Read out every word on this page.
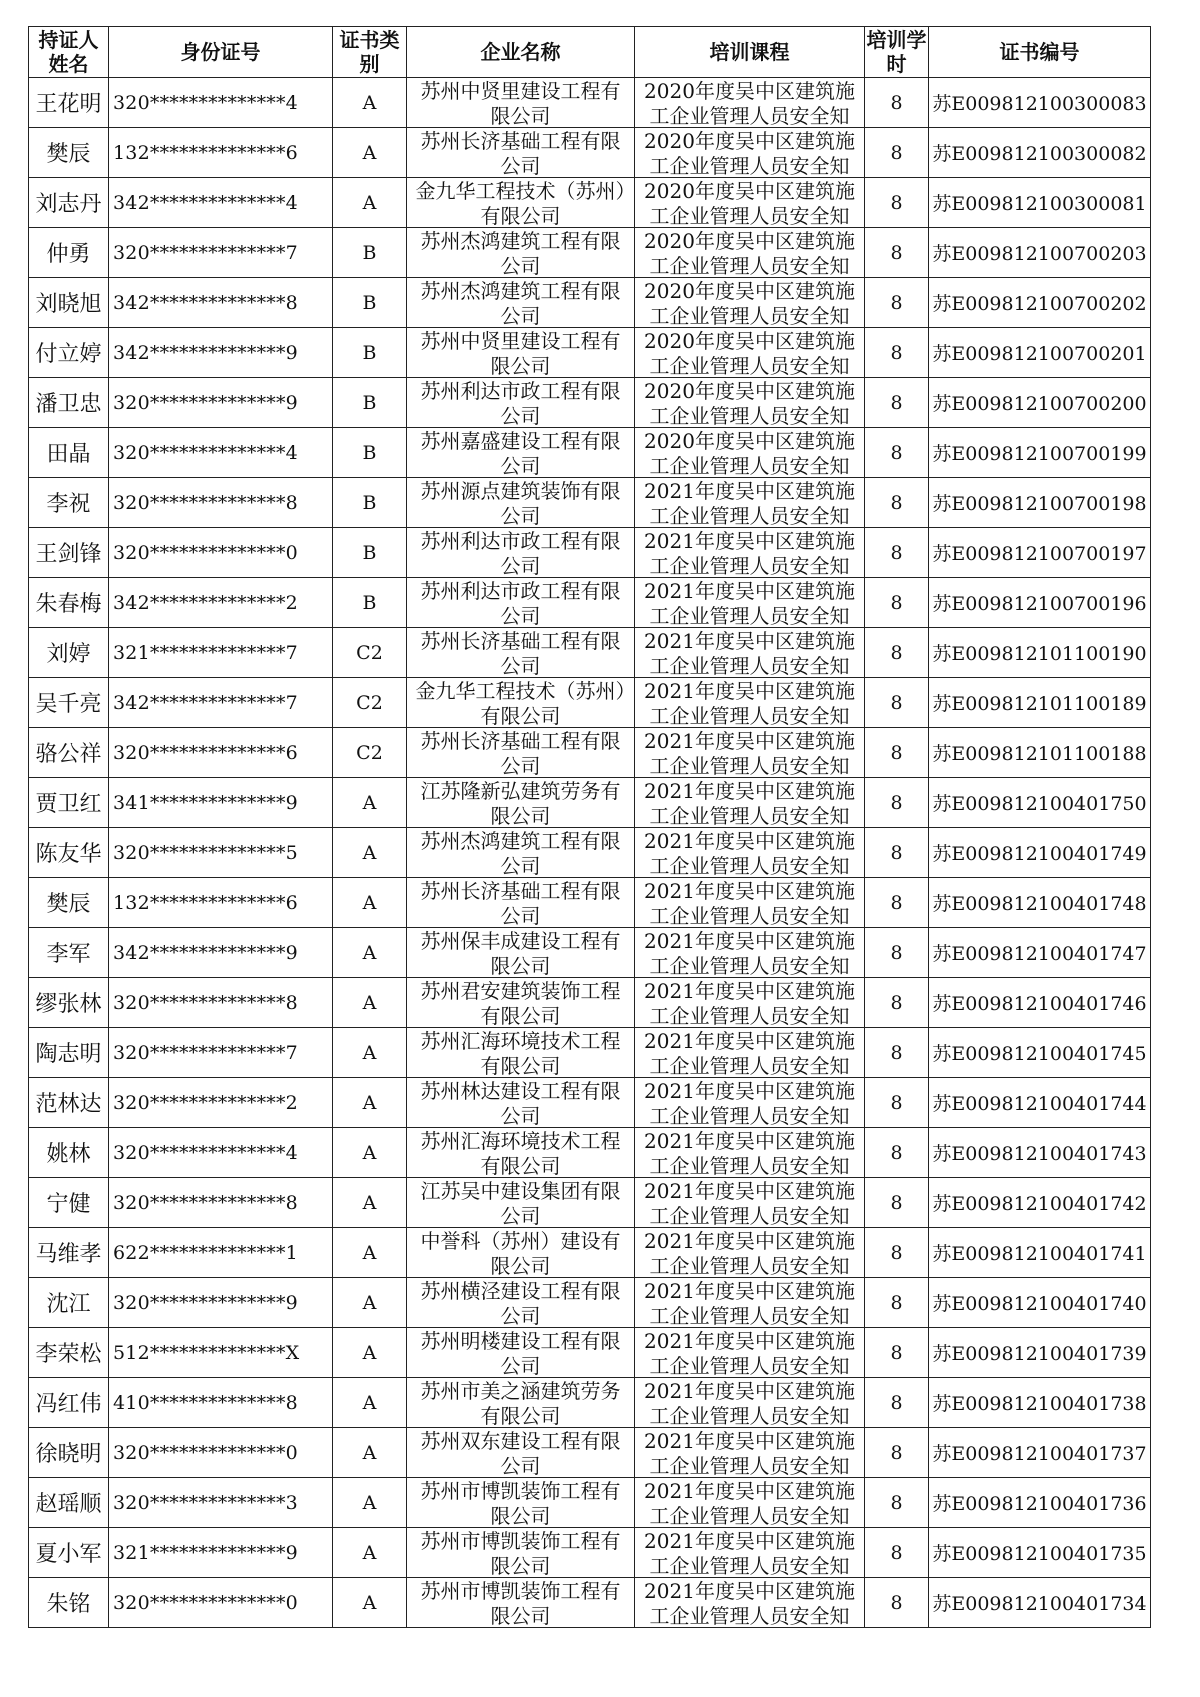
持证人姓名	身份证号	证书类别	企业名称	培训课程	培训学时	证书编号
王花明	320**************4	A	苏州中贤里建设工程有限公司	2020年度吴中区建筑施工企业管理人员安全知	8	苏E009812100300083
樊辰	132**************6	A	苏州长济基础工程有限公司	2020年度吴中区建筑施工企业管理人员安全知	8	苏E009812100300082
刘志丹	342**************4	A	金九华工程技术（苏州）有限公司	2020年度吴中区建筑施工企业管理人员安全知	8	苏E009812100300081
仲勇	320**************7	B	苏州杰鸿建筑工程有限公司	2020年度吴中区建筑施工企业管理人员安全知	8	苏E009812100700203
刘晓旭	342**************8	B	苏州杰鸿建筑工程有限公司	2020年度吴中区建筑施工企业管理人员安全知	8	苏E009812100700202
付立婷	342**************9	B	苏州中贤里建设工程有限公司	2020年度吴中区建筑施工企业管理人员安全知	8	苏E009812100700201
潘卫忠	320**************9	B	苏州利达市政工程有限公司	2020年度吴中区建筑施工企业管理人员安全知	8	苏E009812100700200
田晶	320**************4	B	苏州嘉盛建设工程有限公司	2020年度吴中区建筑施工企业管理人员安全知	8	苏E009812100700199
李祝	320**************8	B	苏州源点建筑装饰有限公司	2021年度吴中区建筑施工企业管理人员安全知	8	苏E009812100700198
王剑锋	320**************0	B	苏州利达市政工程有限公司	2021年度吴中区建筑施工企业管理人员安全知	8	苏E009812100700197
朱春梅	342**************2	B	苏州利达市政工程有限公司	2021年度吴中区建筑施工企业管理人员安全知	8	苏E009812100700196
刘婷	321**************7	C2	苏州长济基础工程有限公司	2021年度吴中区建筑施工企业管理人员安全知	8	苏E009812101100190
吴千亮	342**************7	C2	金九华工程技术（苏州）有限公司	2021年度吴中区建筑施工企业管理人员安全知	8	苏E009812101100189
骆公祥	320**************6	C2	苏州长济基础工程有限公司	2021年度吴中区建筑施工企业管理人员安全知	8	苏E009812101100188
贾卫红	341**************9	A	江苏隆新弘建筑劳务有限公司	2021年度吴中区建筑施工企业管理人员安全知	8	苏E009812100401750
陈友华	320**************5	A	苏州杰鸿建筑工程有限公司	2021年度吴中区建筑施工企业管理人员安全知	8	苏E009812100401749
樊辰	132**************6	A	苏州长济基础工程有限公司	2021年度吴中区建筑施工企业管理人员安全知	8	苏E009812100401748
李军	342**************9	A	苏州保丰成建设工程有限公司	2021年度吴中区建筑施工企业管理人员安全知	8	苏E009812100401747
缪张林	320**************8	A	苏州君安建筑装饰工程有限公司	2021年度吴中区建筑施工企业管理人员安全知	8	苏E009812100401746
陶志明	320**************7	A	苏州汇海环境技术工程有限公司	2021年度吴中区建筑施工企业管理人员安全知	8	苏E009812100401745
范林达	320**************2	A	苏州林达建设工程有限公司	2021年度吴中区建筑施工企业管理人员安全知	8	苏E009812100401744
姚林	320**************4	A	苏州汇海环境技术工程有限公司	2021年度吴中区建筑施工企业管理人员安全知	8	苏E009812100401743
宁健	320**************8	A	江苏吴中建设集团有限公司	2021年度吴中区建筑施工企业管理人员安全知	8	苏E009812100401742
马维孝	622**************1	A	中誉科（苏州）建设有限公司	2021年度吴中区建筑施工企业管理人员安全知	8	苏E009812100401741
沈江	320**************9	A	苏州横泾建设工程有限公司	2021年度吴中区建筑施工企业管理人员安全知	8	苏E009812100401740
李荣松	512**************X	A	苏州明楼建设工程有限公司	2021年度吴中区建筑施工企业管理人员安全知	8	苏E009812100401739
冯红伟	410**************8	A	苏州市美之涵建筑劳务有限公司	2021年度吴中区建筑施工企业管理人员安全知	8	苏E009812100401738
徐晓明	320**************0	A	苏州双东建设工程有限公司	2021年度吴中区建筑施工企业管理人员安全知	8	苏E009812100401737
赵瑶顺	320**************3	A	苏州市博凯装饰工程有限公司	2021年度吴中区建筑施工企业管理人员安全知	8	苏E009812100401736
夏小军	321**************9	A	苏州市博凯装饰工程有限公司	2021年度吴中区建筑施工企业管理人员安全知	8	苏E009812100401735
朱铭	320**************0	A	苏州市博凯装饰工程有限公司	2021年度吴中区建筑施工企业管理人员安全知	8	苏E009812100401734
